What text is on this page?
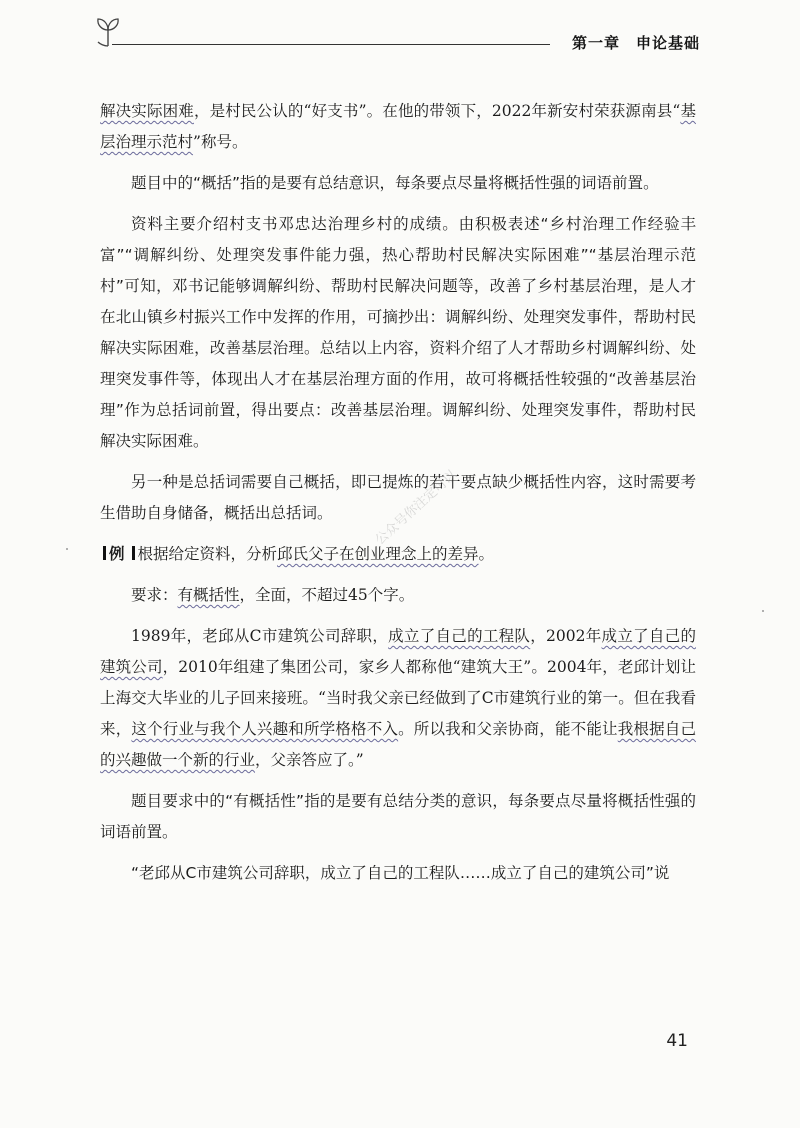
第一章　申论基础

解决实际困难，是村民公认的“好支书”。在他的带领下，2022年新安村荣获源南县“基层治理示范村”称号。

题目中的“概括”指的是要有总结意识，每条要点尽量将概括性强的词语前置。

资料主要介绍村支书邓忠达治理乡村的成绩。由积极表述“乡村治理工作经验丰富”“调解纠纷、处理突发事件能力强，热心帮助村民解决实际困难”“基层治理示范村”可知，邓书记能够调解纠纷、帮助村民解决问题等，改善了乡村基层治理，是人才在北山镇乡村振兴工作中发挥的作用，可摘抄出：调解纠纷、处理突发事件，帮助村民解决实际困难，改善基层治理。总结以上内容，资料介绍了人才帮助乡村调解纠纷、处理突发事件等，体现出人才在基层治理方面的作用，故可将概括性较强的“改善基层治理”作为总括词前置，得出要点：改善基层治理。调解纠纷、处理突发事件，帮助村民解决实际困难。

另一种是总括词需要自己概括，即已提炼的若干要点缺少概括性内容，这时需要考生借助自身储备，概括出总括词。

例 根据给定资料，分析邱氏父子在创业理念上的差异。

要求：有概括性，全面，不超过45个字。

1989年，老邱从C市建筑公司辞职，成立了自己的工程队，2002年成立了自己的建筑公司，2010年组建了集团公司，家乡人都称他“建筑大王”。2004年，老邱计划让上海交大毕业的儿子回来接班。“当时我父亲已经做到了C市建筑行业的第一。但在我看来，这个行业与我个人兴趣和所学格格不入。所以我和父亲协商，能不能让我根据自己的兴趣做一个新的行业，父亲答应了。”

题目要求中的“有概括性”指的是要有总结分类的意识，每条要点尽量将概括性强的词语前置。

“老邱从C市建筑公司辞职，成立了自己的工程队……成立了自己的建筑公司”说

公众号你注定可以
41
